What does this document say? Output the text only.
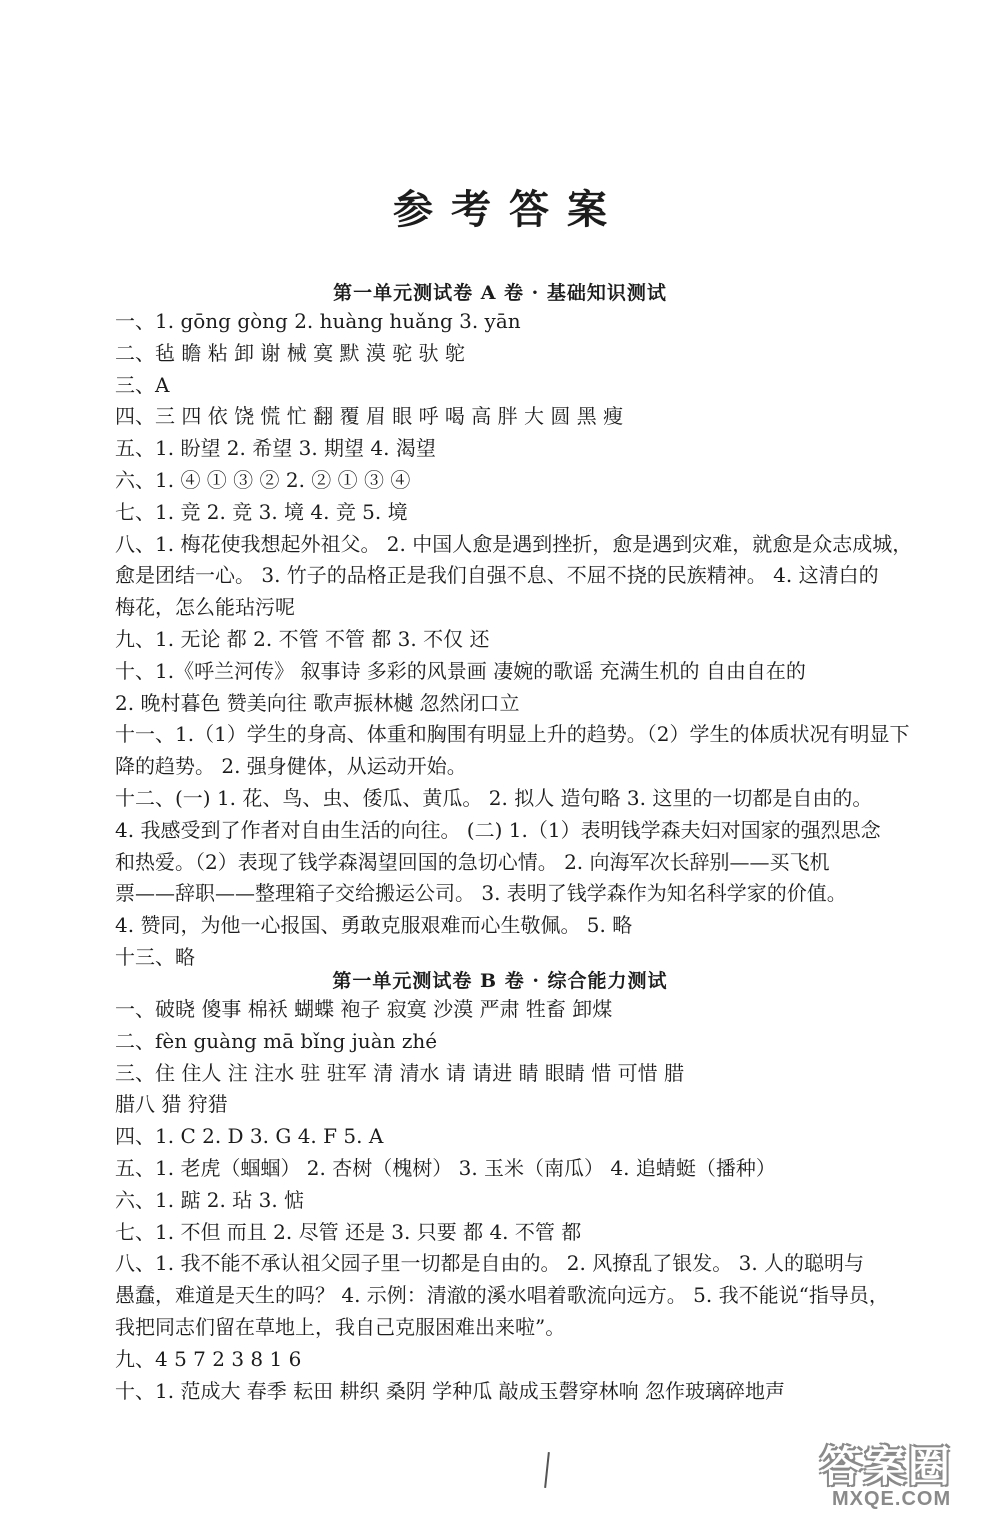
参考答案
第一单元测试卷 A 卷 · 基础知识测试
一、1. gōng gòng 2. huàng huǎng 3. yān
二、毡 瞻 粘 卸 谢 械 寞 默 漠 驼 驮 鸵
三、A
四、三 四 依 饶 慌 忙 翻 覆 眉 眼 呼 喝 高 胖 大 圆 黑 瘦
五、1. 盼望 2. 希望 3. 期望 4. 渴望
六、1. ④ ① ③ ② 2. ② ① ③ ④
七、1. 竞 2. 竞 3. 境 4. 竞 5. 境
八、1. 梅花使我想起外祖父。 2. 中国人愈是遇到挫折，愈是遇到灾难，就愈是众志成城，
愈是团结一心。 3. 竹子的品格正是我们自强不息、不屈不挠的民族精神。 4. 这清白的
梅花，怎么能玷污呢
九、1. 无论 都 2. 不管 不管 都 3. 不仅 还
十、1.《呼兰河传》 叙事诗 多彩的风景画 凄婉的歌谣 充满生机的 自由自在的
2. 晚村暮色 赞美向往 歌声振林樾 忽然闭口立
十一、1.（1）学生的身高、体重和胸围有明显上升的趋势。（2）学生的体质状况有明显下
降的趋势。 2. 强身健体，从运动开始。
十二、(一) 1. 花、鸟、虫、倭瓜、黄瓜。 2. 拟人 造句略 3. 这里的一切都是自由的。
4. 我感受到了作者对自由生活的向往。 (二) 1.（1）表明钱学森夫妇对国家的强烈思念
和热爱。（2）表现了钱学森渴望回国的急切心情。 2. 向海军次长辞别——买飞机
票——辞职——整理箱子交给搬运公司。 3. 表明了钱学森作为知名科学家的价值。
4. 赞同，为他一心报国、勇敢克服艰难而心生敬佩。 5. 略
十三、略
第一单元测试卷 B 卷 · 综合能力测试
一、破晓 傻事 棉袄 蝴蝶 袍子 寂寞 沙漠 严肃 牲畜 卸煤
二、fèn guàng mā bǐng juàn zhé
三、住 住人 注 注水 驻 驻军 清 清水 请 请进 睛 眼睛 惜 可惜 腊
腊八 猎 狩猎
四、1. C 2. D 3. G 4. F 5. A
五、1. 老虎（蝈蝈） 2. 杏树（槐树） 3. 玉米（南瓜） 4. 追蜻蜓（播种）
六、1. 踮 2. 玷 3. 惦
七、1. 不但 而且 2. 尽管 还是 3. 只要 都 4. 不管 都
八、1. 我不能不承认祖父园子里一切都是自由的。 2. 风撩乱了银发。 3. 人的聪明与
愚蠢，难道是天生的吗？ 4. 示例：清澈的溪水唱着歌流向远方。 5. 我不能说“指导员，
我把同志们留在草地上，我自己克服困难出来啦”。
九、4 5 7 2 3 8 1 6
十、1. 范成大 春季 耘田 耕织 桑阴 学种瓜 敲成玉磬穿林响 忽作玻璃碎地声
答案圈
MXQE.COM
